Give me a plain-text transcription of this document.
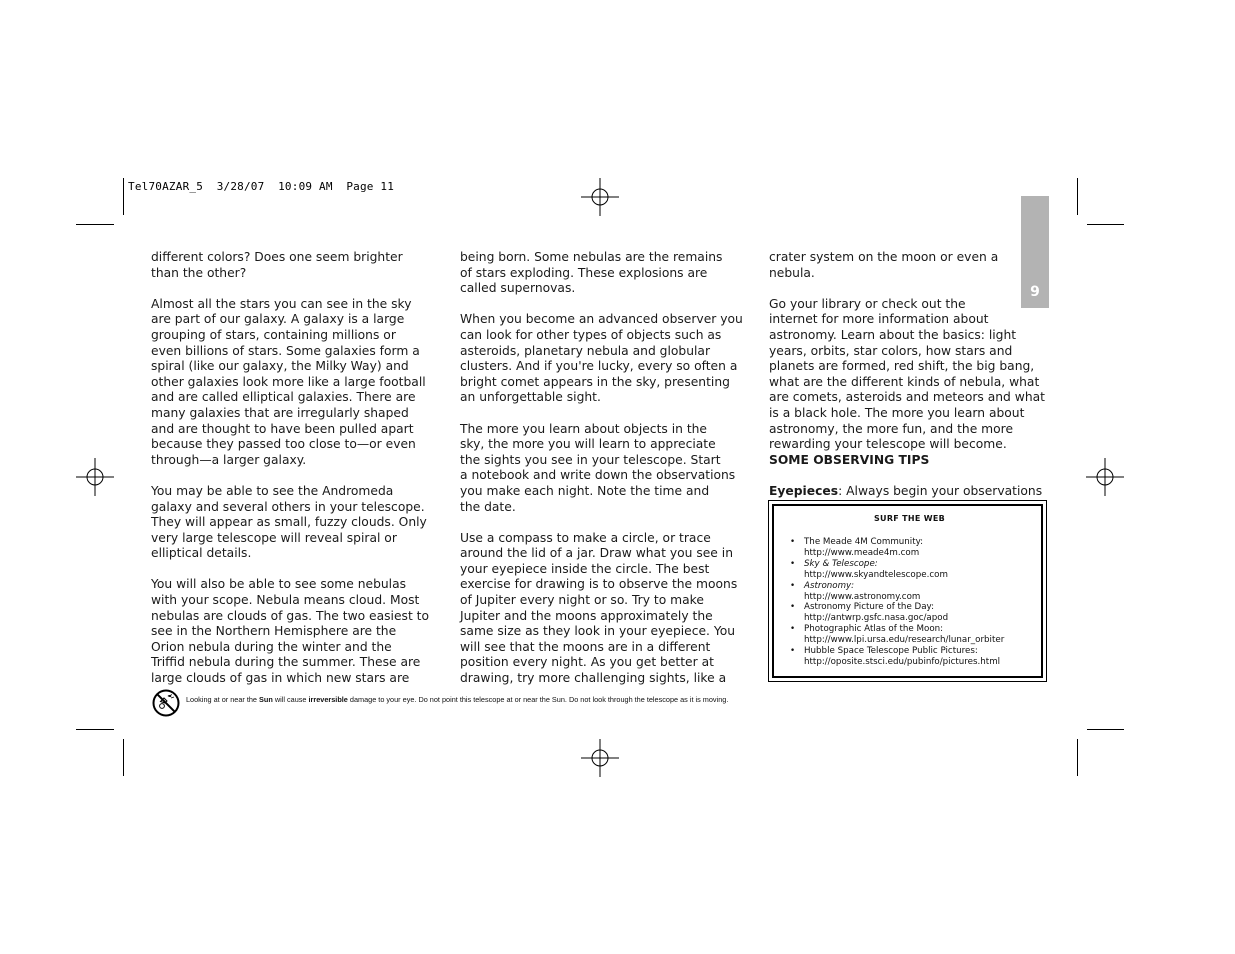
Tel70AZAR_5  3/28/07  10:09 AM  Page 11
9

different colors? Does one seem brighter
than the other?

Almost all the stars you can see in the sky
are part of our galaxy. A galaxy is a large
grouping of stars, containing millions or
even billions of stars. Some galaxies form a
spiral (like our galaxy, the Milky Way) and
other galaxies look more like a large football
and are called elliptical galaxies. There are
many galaxies that are irregularly shaped
and are thought to have been pulled apart
because they passed too close to—or even
through—a larger galaxy.

You may be able to see the Andromeda
galaxy and several others in your telescope.
They will appear as small, fuzzy clouds. Only
very large telescope will reveal spiral or
elliptical details.

You will also be able to see some nebulas
with your scope. Nebula means cloud. Most
nebulas are clouds of gas. The two easiest to
see in the Northern Hemisphere are the
Orion nebula during the winter and the
Triffid nebula during the summer. These are
large clouds of gas in which new stars are

being born. Some nebulas are the remains
of stars exploding. These explosions are
called supernovas.

When you become an advanced observer you
can look for other types of objects such as
asteroids, planetary nebula and globular
clusters. And if you're lucky, every so often a
bright comet appears in the sky, presenting
an unforgettable sight.

The more you learn about objects in the
sky, the more you will learn to appreciate
the sights you see in your telescope. Start
a notebook and write down the observations
you make each night. Note the time and
the date.

Use a compass to make a circle, or trace
around the lid of a jar. Draw what you see in
your eyepiece inside the circle. The best
exercise for drawing is to observe the moons
of Jupiter every night or so. Try to make
Jupiter and the moons approximately the
same size as they look in your eyepiece. You
will see that the moons are in a different
position every night. As you get better at
drawing, try more challenging sights, like a

crater system on the moon or even a
nebula.

Go your library or check out the
internet for more information about
astronomy. Learn about the basics: light
years, orbits, star colors, how stars and
planets are formed, red shift, the big bang,
what are the different kinds of nebula, what
are comets, asteroids and meteors and what
is a black hole. The more you learn about
astronomy, the more fun, and the more
rewarding your telescope will become.

SOME OBSERVING TIPS

Eyepieces: Always begin your observations

SURF THE WEB
• The Meade 4M Community:
http://www.meade4m.com
• Sky & Telescope:
http://www.skyandtelescope.com
• Astronomy:
http://www.astronomy.com
• Astronomy Picture of the Day:
http://antwrp.gsfc.nasa.goc/apod
• Photographic Atlas of the Moon:
http://www.lpi.ursa.edu/research/lunar_orbiter
• Hubble Space Telescope Public Pictures:
http://oposite.stsci.edu/pubinfo/pictures.html
Looking at or near the Sun will cause irreversible damage to your eye. Do not point this telescope at or near the Sun. Do not look through the telescope as it is moving.
